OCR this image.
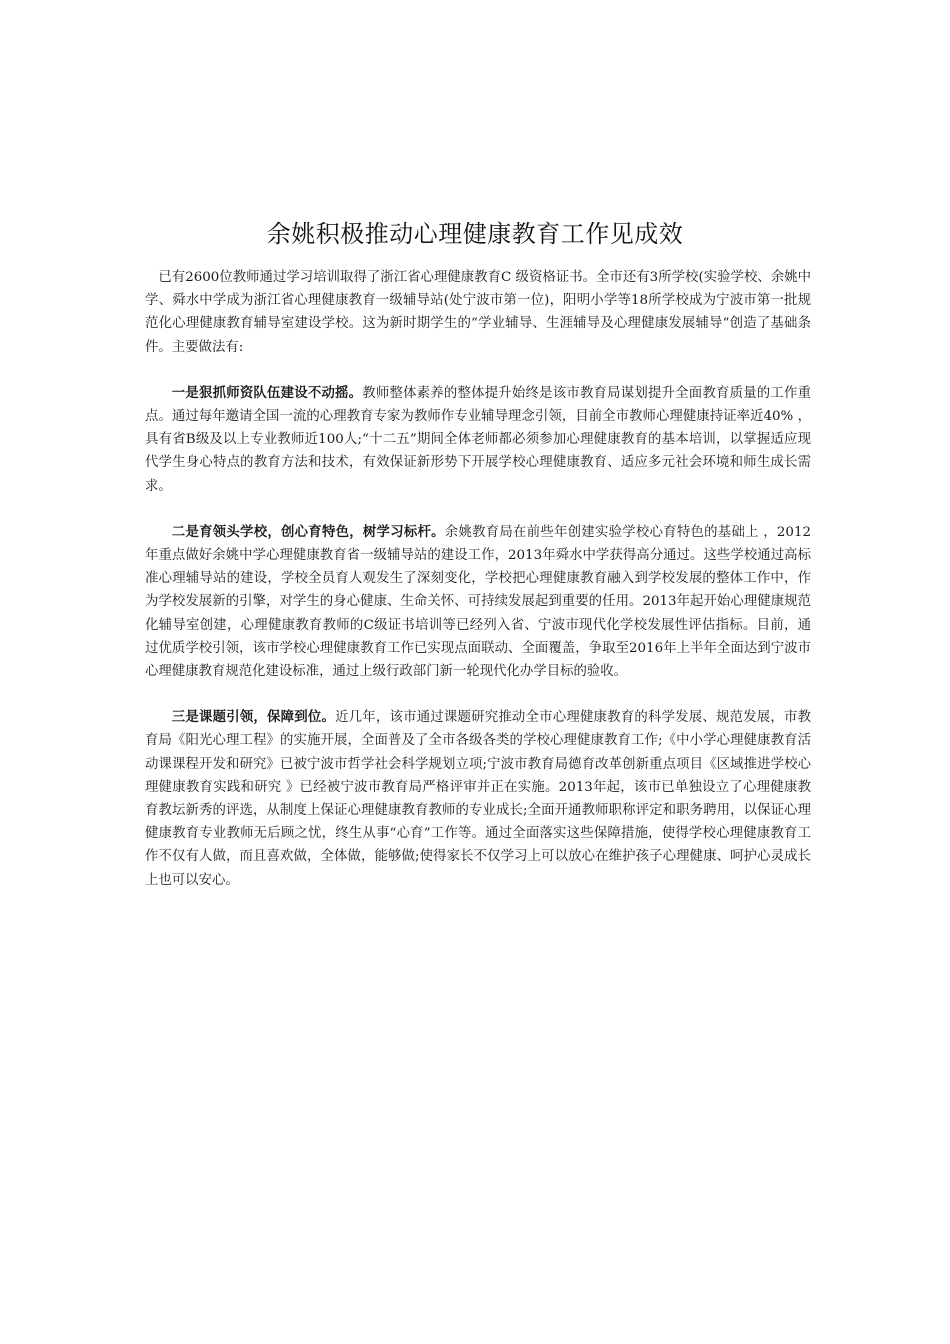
余姚积极推动心理健康教育工作见成效

已有2600位教师通过学习培训取得了浙江省心理健康教育C 级资格证书。全市还有3所学校(实验学校、余姚中学、舜水中学成为浙江省心理健康教育一级辅导站(处宁波市第一位)，阳明小学等18所学校成为宁波市第一批规范化心理健康教育辅导室建设学校。这为新时期学生的“学业辅导、生涯辅导及心理健康发展辅导”创造了基础条件。主要做法有:

一是狠抓师资队伍建设不动摇。教师整体素养的整体提升始终是该市教育局谋划提升全面教育质量的工作重点。通过每年邀请全国一流的心理教育专家为教师作专业辅导理念引领，目前全市教师心理健康持证率近40% ，具有省B级及以上专业教师近100人;“十二五”期间全体老师都必须参加心理健康教育的基本培训，以掌握适应现代学生身心特点的教育方法和技术，有效保证新形势下开展学校心理健康教育、适应多元社会环境和师生成长需求。

二是育领头学校，创心育特色，树学习标杆。余姚教育局在前些年创建实验学校心育特色的基础上 ，2012年重点做好余姚中学心理健康教育省一级辅导站的建设工作，2013年舜水中学获得高分通过。这些学校通过高标准心理辅导站的建设，学校全员育人观发生了深刻变化，学校把心理健康教育融入到学校发展的整体工作中，作为学校发展新的引擎，对学生的身心健康、生命关怀、可持续发展起到重要的任用。2013年起开始心理健康规范化辅导室创建，心理健康教育教师的C级证书培训等已经列入省、宁波市现代化学校发展性评估指标。目前，通过优质学校引领，该市学校心理健康教育工作已实现点面联动、全面覆盖，争取至2016年上半年全面达到宁波市心理健康教育规范化建设标准，通过上级行政部门新一轮现代化办学目标的验收。

三是课题引领，保障到位。近几年，该市通过课题研究推动全市心理健康教育的科学发展、规范发展，市教育局《阳光心理工程》的实施开展，全面普及了全市各级各类的学校心理健康教育工作;《中小学心理健康教育活动课课程开发和研究》已被宁波市哲学社会科学规划立项;宁波市教育局德育改革创新重点项目《区域推进学校心理健康教育实践和研究 》已经被宁波市教育局严格评审并正在实施。2013年起，该市已单独设立了心理健康教育教坛新秀的评选，从制度上保证心理健康教育教师的专业成长;全面开通教师职称评定和职务聘用，以保证心理健康教育专业教师无后顾之忧，终生从事“心育”工作等。通过全面落实这些保障措施，使得学校心理健康教育工作不仅有人做，而且喜欢做，全体做，能够做;使得家长不仅学习上可以放心在维护孩子心理健康、呵护心灵成长上也可以安心。
